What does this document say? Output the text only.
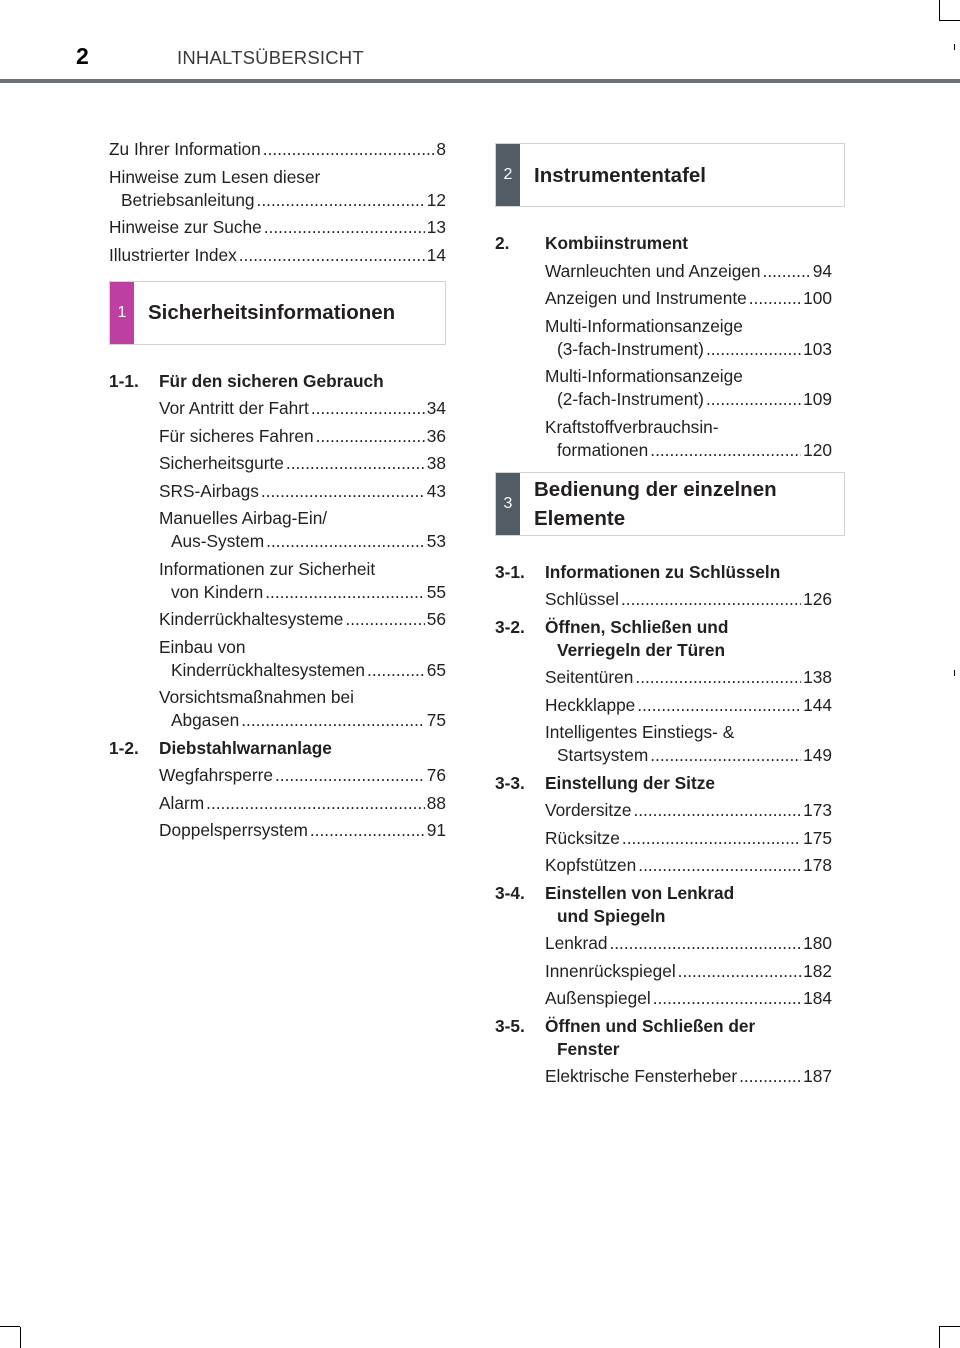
2	INHALTSÜBERSICHT
Zu Ihrer Information .....	8
Hinweise zum Lesen dieser
Betriebsanleitung .....	12
Hinweise zur Suche .....	13
Illustrierter Index .....	14
1 Sicherheitsinformationen
1-1.	Für den sicheren Gebrauch
Vor Antritt der Fahrt .....	34
Für sicheres Fahren .....	36
Sicherheitsgurte .....	38
SRS-Airbags .....	43
Manuelles Airbag-Ein/
Aus-System .....	53
Informationen zur Sicherheit
von Kindern .....	55
Kinderrückhaltesysteme .....	56
Einbau von
Kinderrückhaltesystemen .....	65
Vorsichtsmaßnahmen bei
Abgasen .....	75
1-2.	Diebstahlwarnanlage
Wegfahrsperre .....	76
Alarm .....	88
Doppelsperrsystem .....	91
2 Instrumententafel
2.	Kombiinstrument
Warnleuchten und Anzeigen .....	94
Anzeigen und Instrumente .....	100
Multi-Informationsanzeige
(3-fach-Instrument) .....	103
Multi-Informationsanzeige
(2-fach-Instrument) .....	109
Kraftstoffverbrauchsin-
formationen .....	120
3
Bedienung der einzelnen
Elemente
3-1.	Informationen zu Schlüsseln
Schlüssel .....	126
3-2.	Öffnen, Schließen und
Verriegeln der Türen
Seitentüren .....	138
Heckklappe .....	144
Intelligentes Einstiegs- &
Startsystem .....	149
3-3.	Einstellung der Sitze
Vordersitze .....	173
Rücksitze .....	175
Kopfstützen .....	178
3-4.	Einstellen von Lenkrad
und Spiegeln
Lenkrad .....	180
Innenrückspiegel .....	182
Außenspiegel .....	184
3-5.	Öffnen und Schließen der
Fenster
Elektrische Fensterheber .....	187
